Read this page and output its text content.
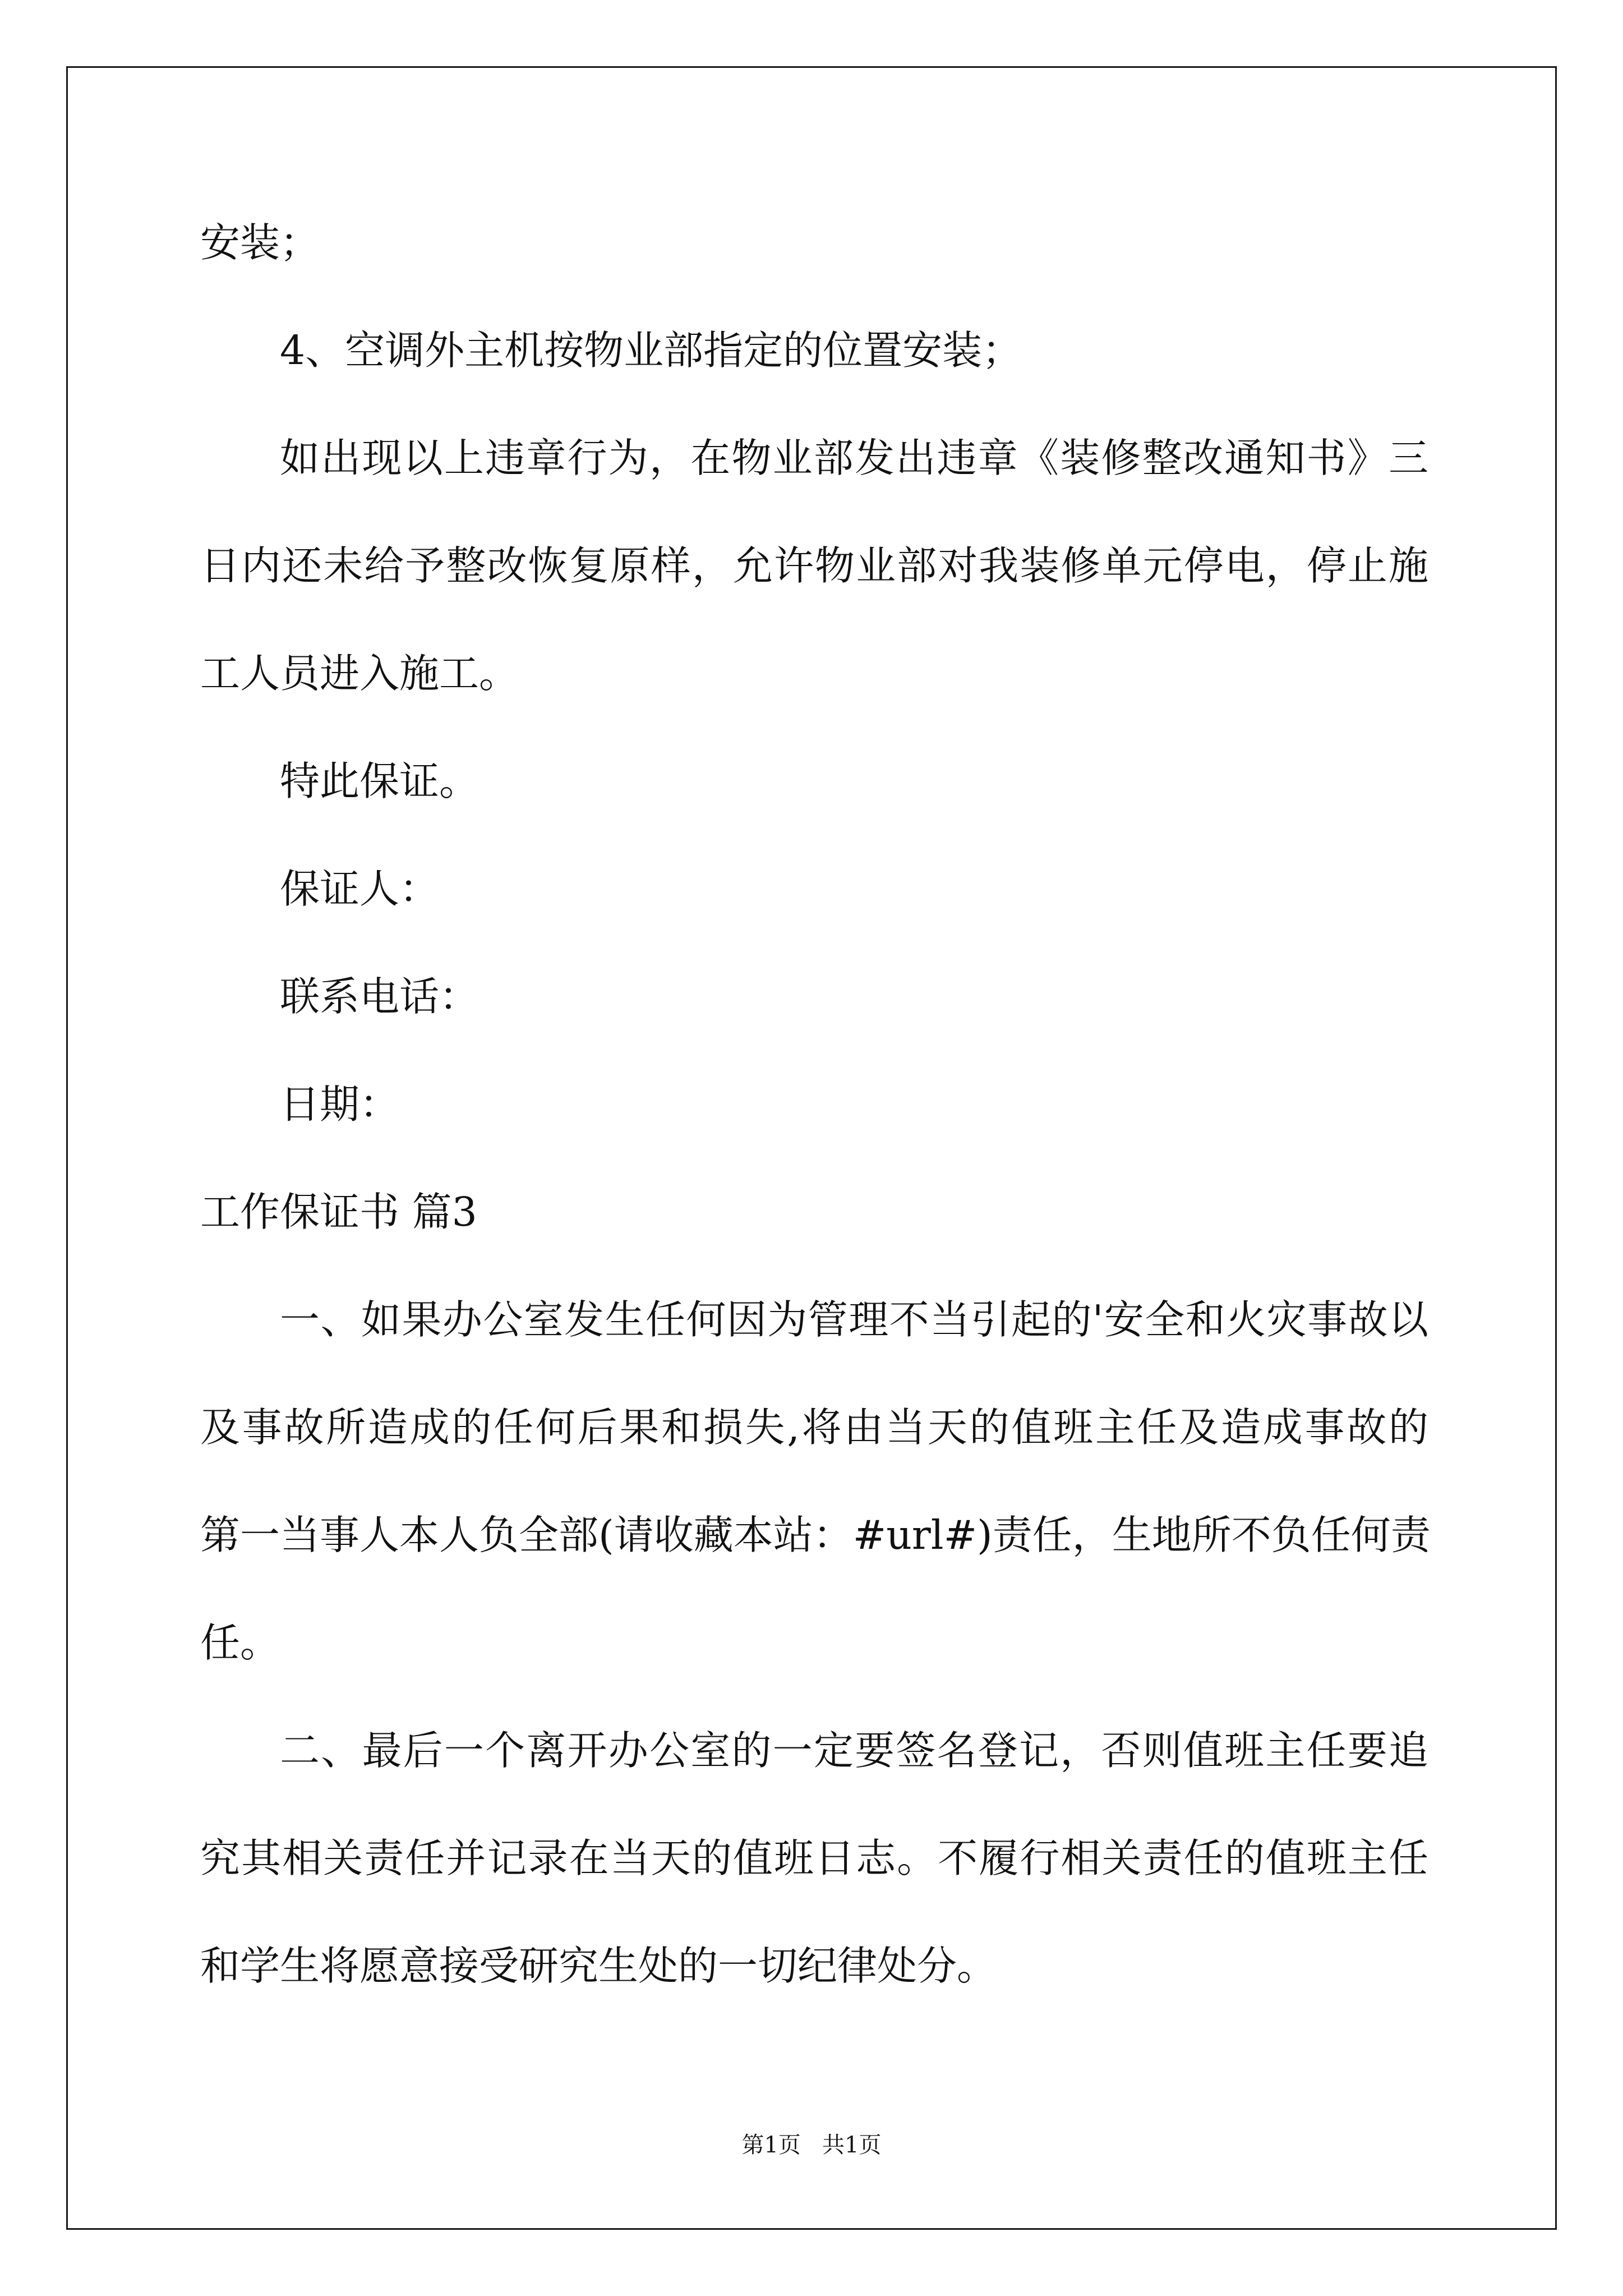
安装；
4、空调外主机按物业部指定的位置安装；
如出现以上违章行为，在物业部发出违章《装修整改通知书》三
日内还未给予整改恢复原样，允许物业部对我装修单元停电，停止施
工人员进入施工。
特此保证。
保证人：
联系电话：
日期：
工作保证书 篇3
一、如果办公室发生任何因为管理不当引起的'安全和火灾事故以
及事故所造成的任何后果和损失,将由当天的值班主任及造成事故的
第一当事人本人负全部(请收藏本站：#url#)责任，生地所不负任何责
任。
二、最后一个离开办公室的一定要签名登记，否则值班主任要追
究其相关责任并记录在当天的值班日志。不履行相关责任的值班主任
和学生将愿意接受研究生处的一切纪律处分。
第1页   共1页
